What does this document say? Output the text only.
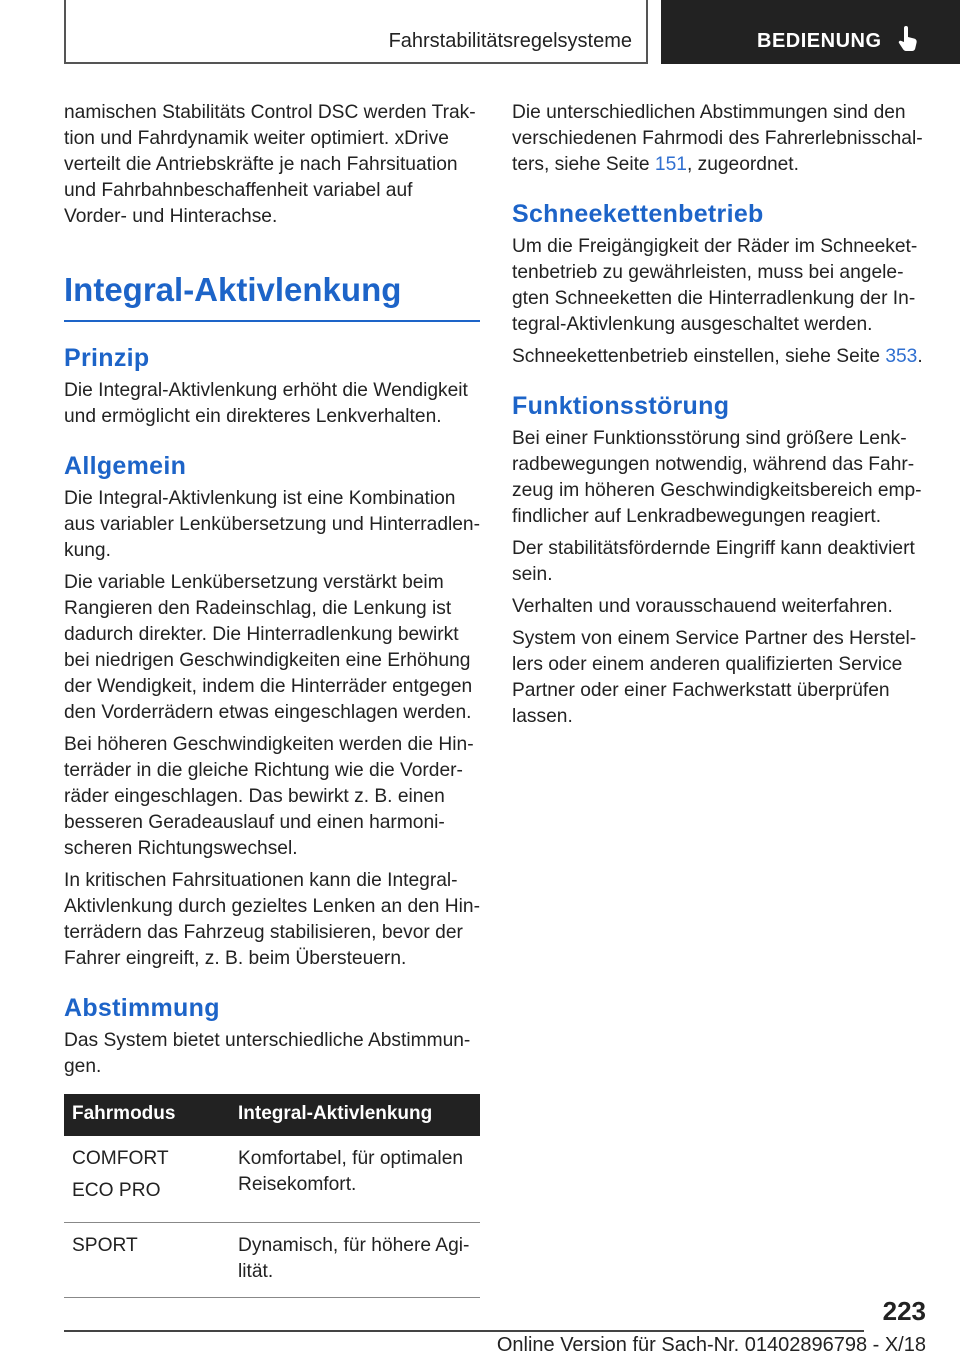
Fahrstabilitätsregelsysteme	BEDIENUNG

namischen Stabilitäts Control DSC werden Traktion und Fahrdynamik weiter optimiert. xDrive verteilt die Antriebskräfte je nach Fahrsituation und Fahrbahnbeschaffenheit variabel auf Vorder- und Hinterachse.

Integral-Aktivlenkung
Prinzip

Die Integral-Aktivlenkung erhöht die Wendigkeit und ermöglicht ein direkteres Lenkverhalten.

Allgemein

Die Integral-Aktivlenkung ist eine Kombination aus variabler Lenkübersetzung und Hinterradlenkung.

Die variable Lenkübersetzung verstärkt beim Rangieren den Radeinschlag, die Lenkung ist dadurch direkter. Die Hinterradlenkung bewirkt bei niedrigen Geschwindigkeiten eine Erhöhung der Wendigkeit, indem die Hinterräder entgegen den Vorderrädern etwas eingeschlagen werden.

Bei höheren Geschwindigkeiten werden die Hinterräder in die gleiche Richtung wie die Vorderräder eingeschlagen. Das bewirkt z. B. einen besseren Geradeauslauf und einen harmonischeren Richtungswechsel.

In kritischen Fahrsituationen kann die Integral-Aktivlenkung durch gezieltes Lenken an den Hinterrädern das Fahrzeug stabilisieren, bevor der Fahrer eingreift, z. B. beim Übersteuern.

Abstimmung

Das System bietet unterschiedliche Abstimmungen.

Fahrmodus	Integral-Aktivlenkung

COMFORT
ECO PRO	Komfortabel, für optimalen Reisekomfort.
SPORT	Dynamisch, für höhere Agilität.

Die unterschiedlichen Abstimmungen sind den verschiedenen Fahrmodi des Fahrerlebnisschalters, siehe Seite 151, zugeordnet.

Schneekettenbetrieb

Um die Freigängigkeit der Räder im Schneekettenbetrieb zu gewährleisten, muss bei angelegten Schneeketten die Hinterradlenkung der Integral-Aktivlenkung ausgeschaltet werden.

Schneekettenbetrieb einstellen, siehe Seite 353.

Funktionsstörung

Bei einer Funktionsstörung sind größere Lenkradbewegungen notwendig, während das Fahrzeug im höheren Geschwindigkeitsbereich empfindlicher auf Lenkradbewegungen reagiert.

Der stabilitätsfördernde Eingriff kann deaktiviert sein.

Verhalten und vorausschauend weiterfahren.

System von einem Service Partner des Herstellers oder einem anderen qualifizierten Service Partner oder einer Fachwerkstatt überprüfen lassen.

223
Online Version für Sach-Nr. 01402896798 - X/18
